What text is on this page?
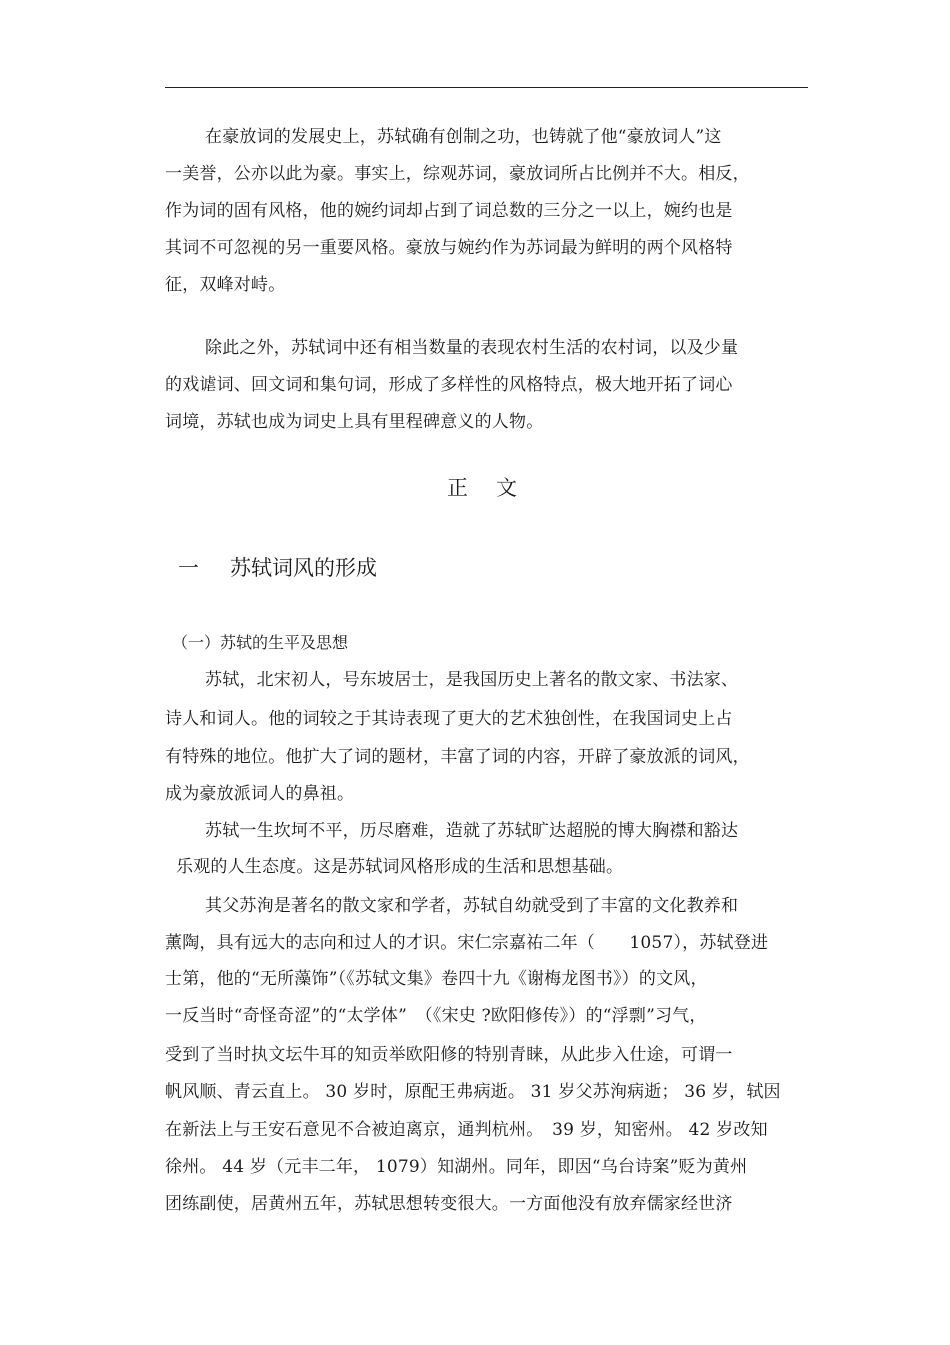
在豪放词的发展史上，苏轼确有创制之功，也铸就了他“豪放词人”这
一美誉，公亦以此为豪。事实上，综观苏词，豪放词所占比例并不大。相反，
作为词的固有风格，他的婉约词却占到了词总数的三分之一以上，婉约也是
其词不可忽视的另一重要风格。豪放与婉约作为苏词最为鲜明的两个风格特
征，双峰对峙。
除此之外，苏轼词中还有相当数量的表现农村生活的农村词，以及少量
的戏谑词、回文词和集句词，形成了多样性的风格特点，极大地开拓了词心
词境，苏轼也成为词史上具有里程碑意义的人物。
正 文
一 苏轼词风的形成
（一）苏轼的生平及思想
苏轼，北宋初人，号东坡居士，是我国历史上著名的散文家、书法家、
诗人和词人。他的词较之于其诗表现了更大的艺术独创性，在我国词史上占
有特殊的地位。他扩大了词的题材，丰富了词的内容，开辟了豪放派的词风，
成为豪放派词人的鼻祖。
苏轼一生坎坷不平，历尽磨难，造就了苏轼旷达超脱的博大胸襟和豁达
乐观的人生态度。这是苏轼词风格形成的生活和思想基础。
其父苏洵是著名的散文家和学者，苏轼自幼就受到了丰富的文化教养和
薰陶，具有远大的志向和过人的才识。宋仁宗嘉祐二年（　　1057），苏轼登进
士第，他的“无所藻饰”（《苏轼文集》卷四十九《谢梅龙图书》）的文风，
一反当时“奇怪奇涩”的“太学体”　（《宋史 ?欧阳修传》）的“浮剽”习气，
受到了当时执文坛牛耳的知贡举欧阳修的特别青睐，从此步入仕途，可谓一
帆风顺、青云直上。 30 岁时，原配王弗病逝。 31 岁父苏洵病逝； 36 岁，轼因
在新法上与王安石意见不合被迫离京，通判杭州。　39 岁，知密州。 42 岁改知
徐州。 44 岁（元丰二年， 1079）知湖州。同年，即因“乌台诗案”贬为黄州
团练副使，居黄州五年，苏轼思想转变很大。一方面他没有放弃儒家经世济
